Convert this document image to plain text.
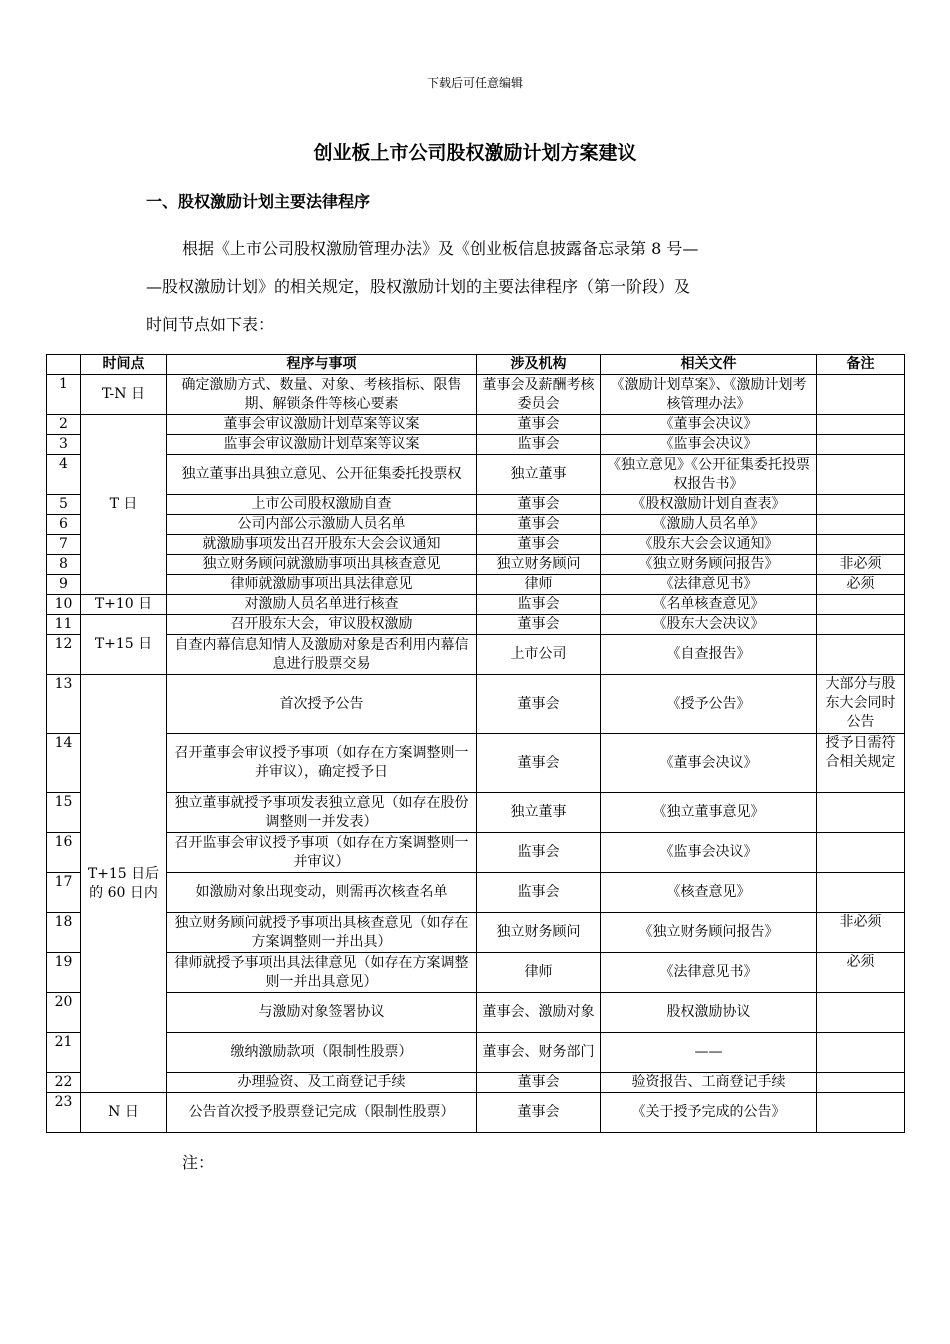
下载后可任意编辑
创业板上市公司股权激励计划方案建议
一、股权激励计划主要法律程序
根据《上市公司股权激励管理办法》及《创业板信息披露备忘录第 8 号—
—股权激励计划》的相关规定，股权激励计划的主要法律程序（第一阶段）及
时间节点如下表：
	时间点	程序与事项	涉及机构	相关文件	备注
1	T-N 日	确定激励方式、数量、对象、考核指标、限售期、解锁条件等核心要素	董事会及薪酬考核委员会	《激励计划草案》、《激励计划考核管理办法》	
2	T 日	董事会审议激励计划草案等议案	董事会	《董事会决议》	
3		监事会审议激励计划草案等议案	监事会	《监事会决议》	
4		独立董事出具独立意见、公开征集委托投票权	独立董事	《独立意见》《公开征集委托投票权报告书》	
5		上市公司股权激励自查	董事会	《股权激励计划自查表》	
6		公司内部公示激励人员名单	董事会	《激励人员名单》	
7		就激励事项发出召开股东大会会议通知	董事会	《股东大会会议通知》	
8		独立财务顾问就激励事项出具核查意见	独立财务顾问	《独立财务顾问报告》	非必须
9		律师就激励事项出具法律意见	律师	《法律意见书》	必须
10	T+10 日	对激励人员名单进行核查	监事会	《名单核查意见》	
11	T+15 日	召开股东大会，审议股权激励	董事会	《股东大会决议》	
12		自查内幕信息知情人及激励对象是否利用内幕信息进行股票交易	上市公司	《自查报告》	
13	T+15 日后的 60 日内	首次授予公告	董事会	《授予公告》	大部分与股东大会同时公告
14		召开董事会审议授予事项（如存在方案调整则一并审议），确定授予日	董事会	《董事会决议》	授予日需符合相关规定
15		独立董事就授予事项发表独立意见（如存在股份调整则一并发表）	独立董事	《独立董事意见》	
16		召开监事会审议授予事项（如存在方案调整则一并审议）	监事会	《监事会决议》	
17		如激励对象出现变动，则需再次核查名单	监事会	《核查意见》	
18		独立财务顾问就授予事项出具核查意见（如存在方案调整则一并出具）	独立财务顾问	《独立财务顾问报告》	非必须
19		律师就授予事项出具法律意见（如存在方案调整则一并出具意见）	律师	《法律意见书》	必须
20		与激励对象签署协议	董事会、激励对象	股权激励协议	
21		缴纳激励款项（限制性股票）	董事会、财务部门	——	
22		办理验资、及工商登记手续	董事会	验资报告、工商登记手续	
23	N 日	公告首次授予股票登记完成（限制性股票）	董事会	《关于授予完成的公告》	
注：
